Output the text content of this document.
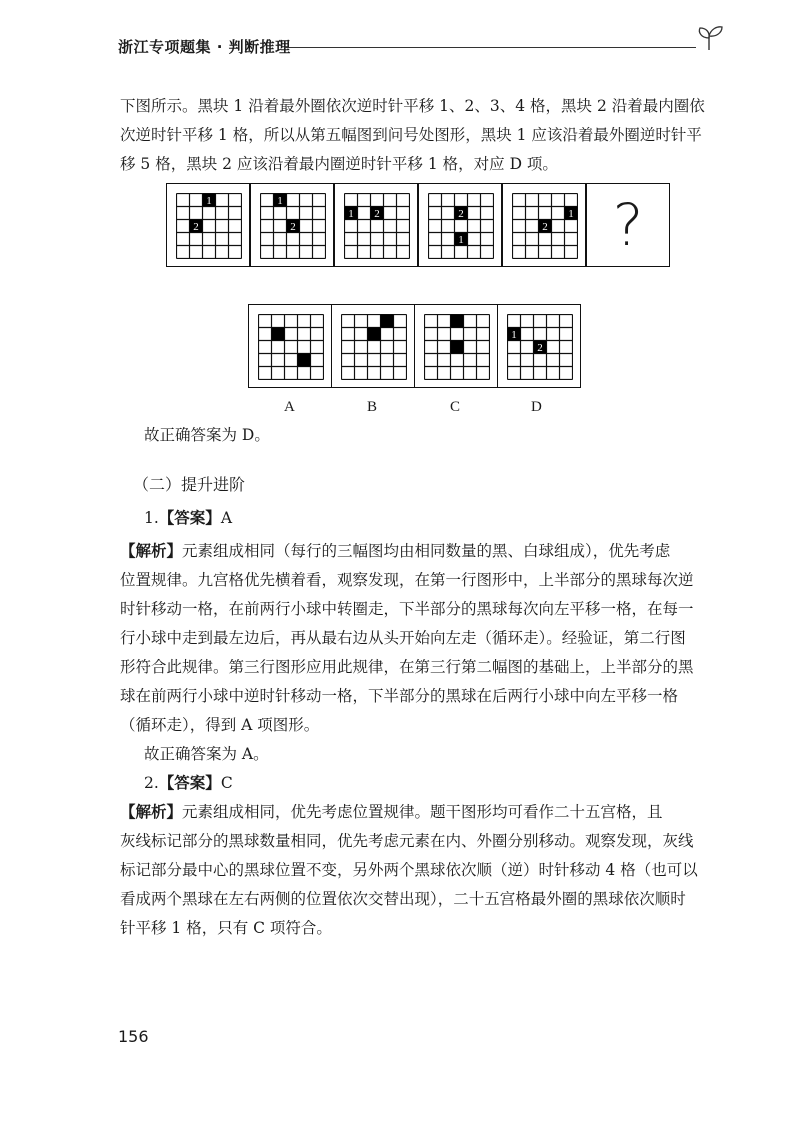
浙江专项题集 · 判断推理
下图所示。黑块 1 沿着最外圈依次逆时针平移 1、2、3、4 格，黑块 2 沿着最内圈依
次逆时针平移 1 格，所以从第五幅图到问号处图形，黑块 1 应该沿着最外圈逆时针平
移 5 格，黑块 2 应该沿着最内圈逆时针平移 1 格，对应 D 项。
1
2
1
2
1 2	2
1
1
2	?
1
2
A	B	C	D
故正确答案为 D。
（二）提升进阶
1.【答案】A
【解析】元素组成相同（每行的三幅图均由相同数量的黑、白球组成），优先考虑
位置规律。九宫格优先横着看，观察发现，在第一行图形中，上半部分的黑球每次逆
时针移动一格，在前两行小球中转圈走，下半部分的黑球每次向左平移一格，在每一
行小球中走到最左边后，再从最右边从头开始向左走（循环走）。经验证，第二行图
形符合此规律。第三行图形应用此规律，在第三行第二幅图的基础上，上半部分的黑
球在前两行小球中逆时针移动一格，下半部分的黑球在后两行小球中向左平移一格
（循环走），得到 A 项图形。
故正确答案为 A。
2.【答案】C
【解析】元素组成相同，优先考虑位置规律。题干图形均可看作二十五宫格，且
灰线标记部分的黑球数量相同，优先考虑元素在内、外圈分别移动。观察发现，灰线
标记部分最中心的黑球位置不变，另外两个黑球依次顺（逆）时针移动 4 格（也可以
看成两个黑球在左右两侧的位置依次交替出现），二十五宫格最外圈的黑球依次顺时
针平移 1 格，只有 C 项符合。
156
